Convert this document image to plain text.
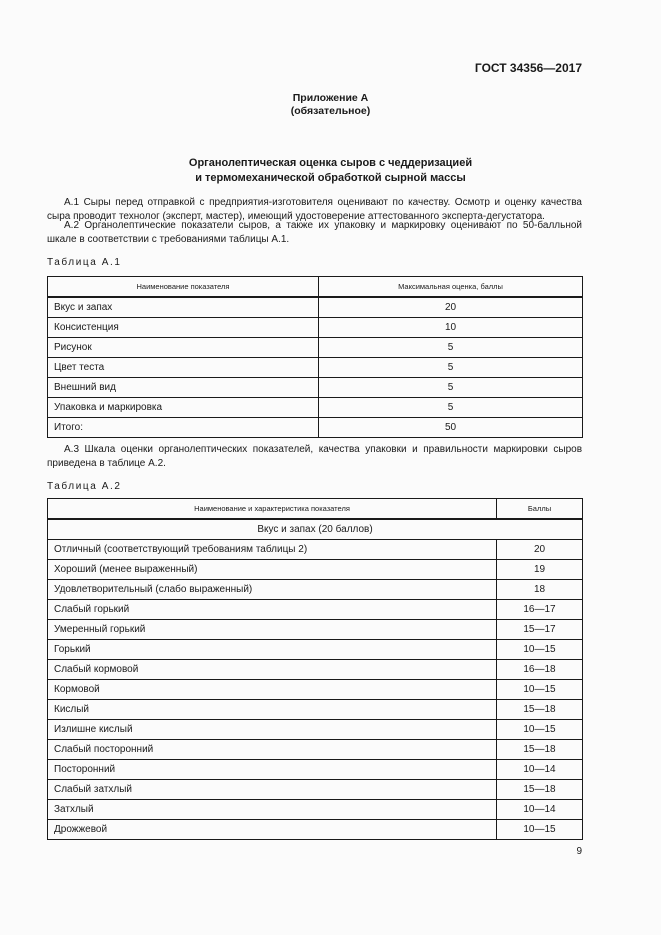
ГОСТ 34356—2017
Приложение А
(обязательное)
Органолептическая оценка сыров с чеддеризацией
и термомеханической обработкой сырной массы
А.1 Сыры перед отправкой с предприятия-изготовителя оценивают по качеству. Осмотр и оценку качества сыра проводит технолог (эксперт, мастер), имеющий удостоверение аттестованного эксперта-дегустатора.
А.2 Органолептические показатели сыров, а также их упаковку и маркировку оценивают по 50-балльной шкале в соответствии с требованиями таблицы А.1.
Таблица А.1
Наименование показателя	Максимальная оценка, баллы
Вкус и запах	20
Консистенция	10
Рисунок	5
Цвет теста	5
Внешний вид	5
Упаковка и маркировка	5
Итого:	50
А.3 Шкала оценки органолептических показателей, качества упаковки и правильности маркировки сыров приведена в таблице А.2.
Таблица А.2
Наименование и характеристика показателя	Баллы
Вкус и запах (20 баллов)	
Отличный (соответствующий требованиям таблицы 2)	20
Хороший (менее выраженный)	19
Удовлетворительный (слабо выраженный)	18
Слабый горький	16—17
Умеренный горький	15—17
Горький	10—15
Слабый кормовой	16—18
Кормовой	10—15
Кислый	15—18
Излишне кислый	10—15
Слабый посторонний	15—18
Посторонний	10—14
Слабый затхлый	15—18
Затхлый	10—14
Дрожжевой	10—15
9
